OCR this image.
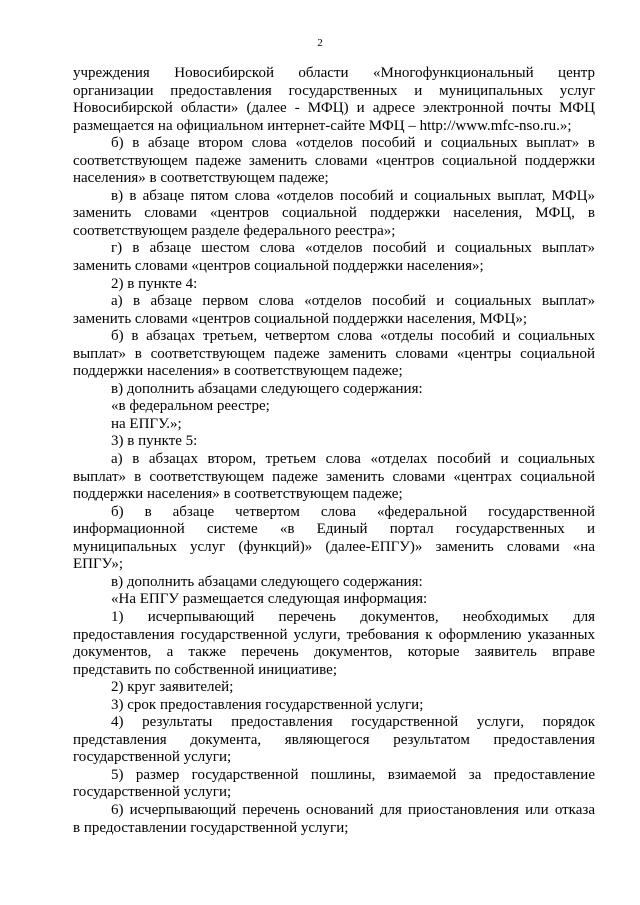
2
учреждения Новосибирской области «Многофункциональный центр
организации предоставления государственных и муниципальных услуг
Новосибирской области» (далее - МФЦ) и адресе электронной почты МФЦ
размещается на официальном интернет-сайте МФЦ – http://www.mfc-nso.ru.»;
б) в абзаце втором слова «отделов пособий и социальных выплат» в
соответствующем падеже заменить словами «центров социальной поддержки
населения» в соответствующем падеже;
в) в абзаце пятом слова «отделов пособий и социальных выплат, МФЦ»
заменить словами «центров социальной поддержки населения, МФЦ, в
соответствующем разделе федерального реестра»;
г) в абзаце шестом слова «отделов пособий и социальных выплат»
заменить словами «центров социальной поддержки населения»;
2) в пункте 4:
а) в абзаце первом слова «отделов пособий и социальных выплат»
заменить словами «центров социальной поддержки населения, МФЦ»;
б) в абзацах третьем, четвертом слова «отделы пособий и социальных
выплат» в соответствующем падеже заменить словами «центры социальной
поддержки населения» в соответствующем падеже;
в) дополнить абзацами следующего содержания:
«в федеральном реестре;
на ЕПГУ.»;
3) в пункте 5:
а) в абзацах втором, третьем слова «отделах пособий и социальных
выплат» в соответствующем падеже заменить словами «центрах социальной
поддержки населения» в соответствующем падеже;
б) в абзаце четвертом слова «федеральной государственной
информационной системе «в Единый портал государственных и
муниципальных услуг (функций)» (далее-ЕПГУ)» заменить словами «на
ЕПГУ»;
в) дополнить абзацами следующего содержания:
«На ЕПГУ размещается следующая информация:
1) исчерпывающий перечень документов, необходимых для
предоставления государственной услуги, требования к оформлению указанных
документов, а также перечень документов, которые заявитель вправе
представить по собственной инициативе;
2) круг заявителей;
3) срок предоставления государственной услуги;
4) результаты предоставления государственной услуги, порядок
представления документа, являющегося результатом предоставления
государственной услуги;
5) размер государственной пошлины, взимаемой за предоставление
государственной услуги;
6) исчерпывающий перечень оснований для приостановления или отказа
в предоставлении государственной услуги;
